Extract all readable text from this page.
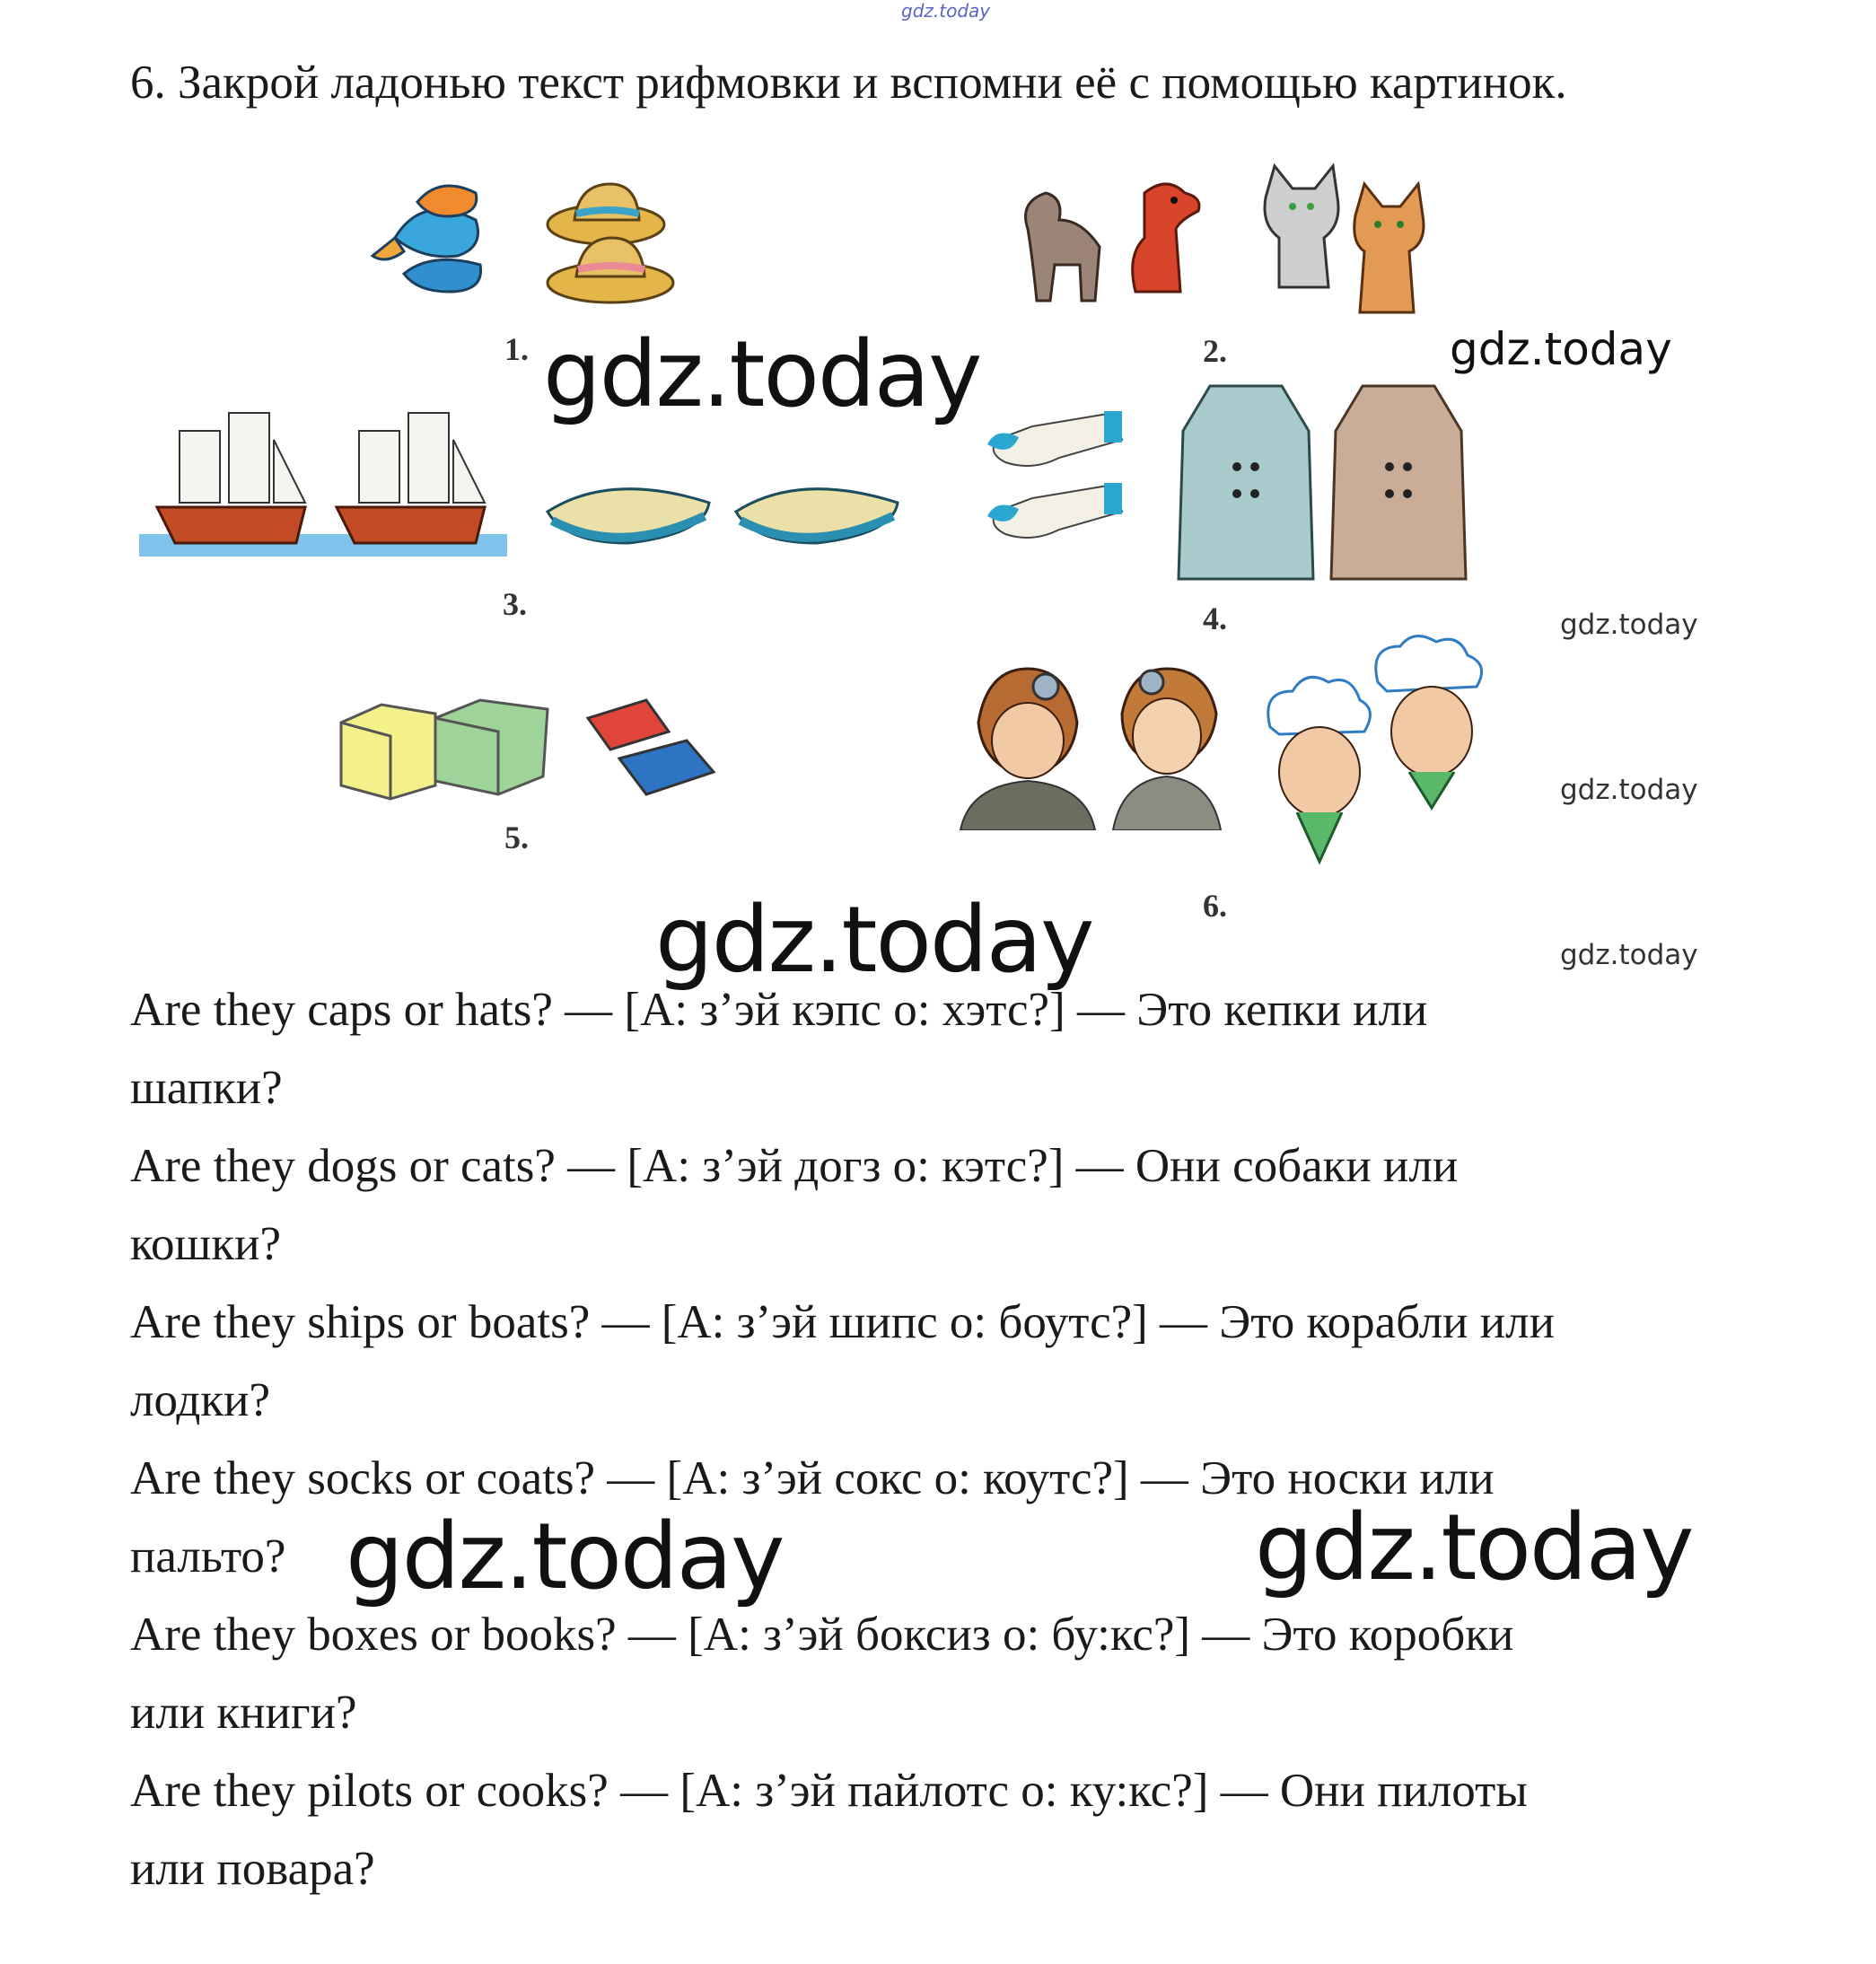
gdz.today
6. Закрой ладонью текст рифмовки и вспомни её с помощью картинок.
1.	2.
3.	4.
5.
6.
gdz.today	gdz.today
gdz.today
gdz.today
gdz.today
gdz.today
Are they caps or hats? — [А: з’эй кэпс о: хэтс?] — Это кепки или
шапки?
Are they dogs or cats? — [А: з’эй догз о: кэтс?] — Они собаки или
кошки?
Are they ships or boats? — [А: з’эй шипс о: боутс?] — Это корабли или
лодки?
Are they socks or coats? — [А: з’эй сокс о: коутс?] — Это носки или
пальто?
Are they boxes or books? — [А: з’эй боксиз о: бу:кс?] — Это коробки
или книги?
Are they pilots or cooks? — [А: з’эй пайлотс о: ку:кс?] — Они пилоты
или повара?
gdz.today	gdz.today
